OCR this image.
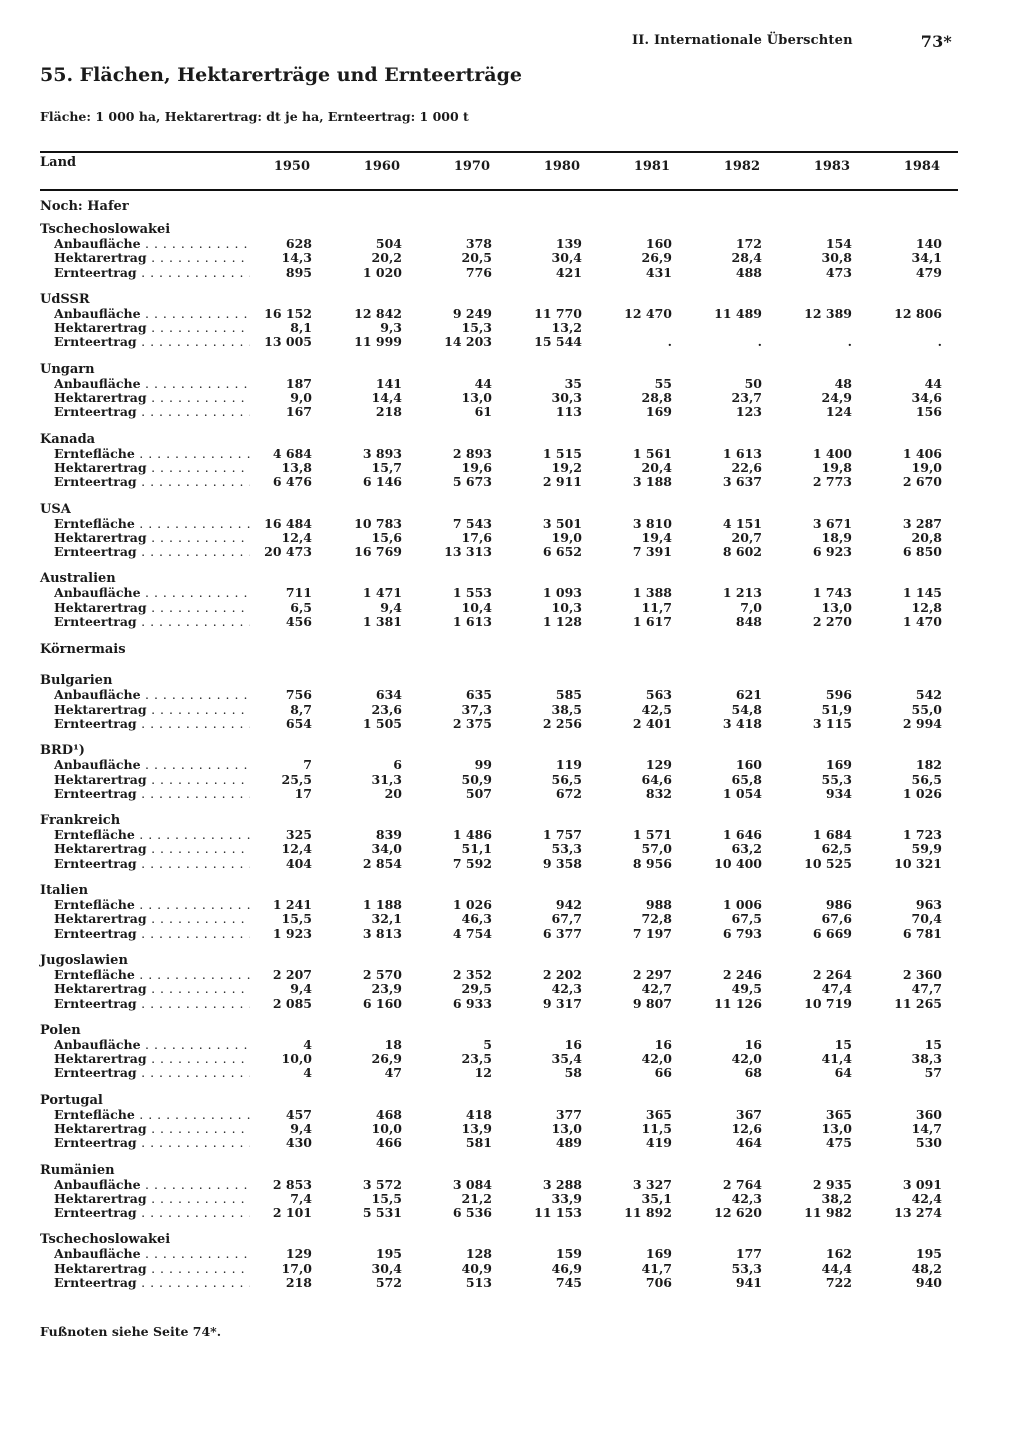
II. Internationale Überschten	73*
55. Flächen, Hektarerträge und Ernteerträge
Fläche: 1 000 ha, Hektarertrag: dt je ha, Ernteertrag: 1 000 t
Land	1950	1960	1970	1980	1981	1982	1983	1984
Noch: Hafer
Tschechoslowakei
Anbaufläche . . .	628	504	378	139	160	172	154	140
Hektarertrag . . .	14,3	20,2	20,5	30,4	26,9	28,4	30,8	34,1
Ernteertrag . . .	895	1 020	776	421	431	488	473	479
UdSSR
Anbaufläche . . .	16 152	12 842	9 249	11 770	12 470	11 489	12 389	12 806
Hektarertrag . . .	8,1	9,3	15,3	13,2
Ernteertrag . . .	13 005	11 999	14 203	15 544	.	.	.	.
Ungarn
Anbaufläche . . .	187	141	44	35	55	50	48	44
Hektarertrag . . .	9,0	14,4	13,0	30,3	28,8	23,7	24,9	34,6
Ernteertrag . . .	167	218	61	113	169	123	124	156
Kanada
Erntefläche . . .	4 684	3 893	2 893	1 515	1 561	1 613	1 400	1 406
Hektarertrag . . .	13,8	15,7	19,6	19,2	20,4	22,6	19,8	19,0
Ernteertrag . . .	6 476	6 146	5 673	2 911	3 188	3 637	2 773	2 670
USA
Erntefläche . . .	16 484	10 783	7 543	3 501	3 810	4 151	3 671	3 287
Hektarertrag . . .	12,4	15,6	17,6	19,0	19,4	20,7	18,9	20,8
Ernteertrag . . .	20 473	16 769	13 313	6 652	7 391	8 602	6 923	6 850
Australien
Anbaufläche . . .	711	1 471	1 553	1 093	1 388	1 213	1 743	1 145
Hektarertrag . . .	6,5	9,4	10,4	10,3	11,7	7,0	13,0	12,8
Ernteertrag . . .	456	1 381	1 613	1 128	1 617	848	2 270	1 470
Körnermais
Bulgarien
Anbaufläche . . .	756	634	635	585	563	621	596	542
Hektarertrag . . .	8,7	23,6	37,3	38,5	42,5	54,8	51,9	55,0
Ernteertrag . . .	654	1 505	2 375	2 256	2 401	3 418	3 115	2 994
BRD¹)
Anbaufläche . . .	7	6	99	119	129	160	169	182
Hektarertrag . . .	25,5	31,3	50,9	56,5	64,6	65,8	55,3	56,5
Ernteertrag . . .	17	20	507	672	832	1 054	934	1 026
Frankreich
Erntefläche . . .	325	839	1 486	1 757	1 571	1 646	1 684	1 723
Hektarertrag . . .	12,4	34,0	51,1	53,3	57,0	63,2	62,5	59,9
Ernteertrag . . .	404	2 854	7 592	9 358	8 956	10 400	10 525	10 321
Italien
Erntefläche . . .	1 241	1 188	1 026	942	988	1 006	986	963
Hektarertrag . . .	15,5	32,1	46,3	67,7	72,8	67,5	67,6	70,4
Ernteertrag . . .	1 923	3 813	4 754	6 377	7 197	6 793	6 669	6 781
Jugoslawien
Erntefläche . . .	2 207	2 570	2 352	2 202	2 297	2 246	2 264	2 360
Hektarertrag . . .	9,4	23,9	29,5	42,3	42,7	49,5	47,4	47,7
Ernteertrag . . .	2 085	6 160	6 933	9 317	9 807	11 126	10 719	11 265
Polen
Anbaufläche . . .	4	18	5	16	16	16	15	15
Hektarertrag . . .	10,0	26,9	23,5	35,4	42,0	42,0	41,4	38,3
Ernteertrag . . .	4	47	12	58	66	68	64	57
Portugal
Erntefläche . . .	457	468	418	377	365	367	365	360
Hektarertrag . . .	9,4	10,0	13,9	13,0	11,5	12,6	13,0	14,7
Ernteertrag . . .	430	466	581	489	419	464	475	530
Rumänien
Anbaufläche . . .	2 853	3 572	3 084	3 288	3 327	2 764	2 935	3 091
Hektarertrag . . .	7,4	15,5	21,2	33,9	35,1	42,3	38,2	42,4
Ernteertrag . . .	2 101	5 531	6 536	11 153	11 892	12 620	11 982	13 274
Tschechoslowakei
Anbaufläche . . .	129	195	128	159	169	177	162	195
Hektarertrag . . .	17,0	30,4	40,9	46,9	41,7	53,3	44,4	48,2
Ernteertrag . . .	218	572	513	745	706	941	722	940
Fußnoten siehe Seite 74*.
